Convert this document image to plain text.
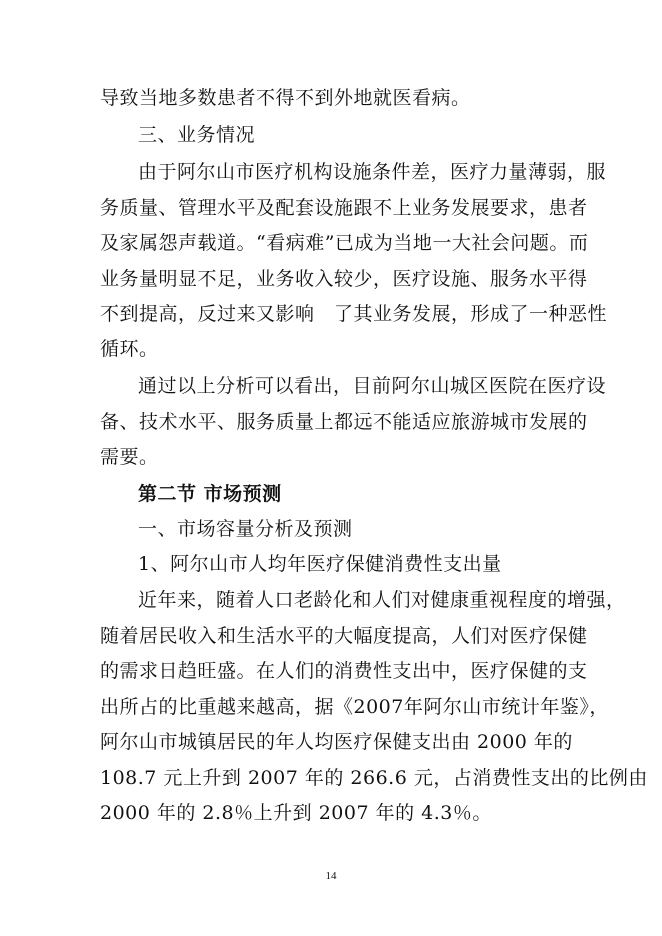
导致当地多数患者不得不到外地就医看病。
三、业务情况
由于阿尔山市医疗机构设施条件差，医疗力量薄弱，服
务质量、管理水平及配套设施跟不上业务发展要求，患者
及家属怨声载道。“看病难”已成为当地一大社会问题。而
业务量明显不足，业务收入较少，医疗设施、服务水平得
不到提高，反过来又影响　了其业务发展，形成了一种恶性
循环。
通过以上分析可以看出，目前阿尔山城区医院在医疗设
备、技术水平、服务质量上都远不能适应旅游城市发展的
需要。
第二节 市场预测
一、市场容量分析及预测
1、阿尔山市人均年医疗保健消费性支出量
近年来，随着人口老龄化和人们对健康重视程度的增强，
随着居民收入和生活水平的大幅度提高，人们对医疗保健
的需求日趋旺盛。在人们的消费性支出中，医疗保健的支
出所占的比重越来越高，据《2007年阿尔山市统计年鉴》，
阿尔山市城镇居民的年人均医疗保健支出由 2000 年的
108.7 元上升到 2007 年的 266.6 元，占消费性支出的比例由
2000 年的 2.8％上升到 2007 年的 4.3％。
14
